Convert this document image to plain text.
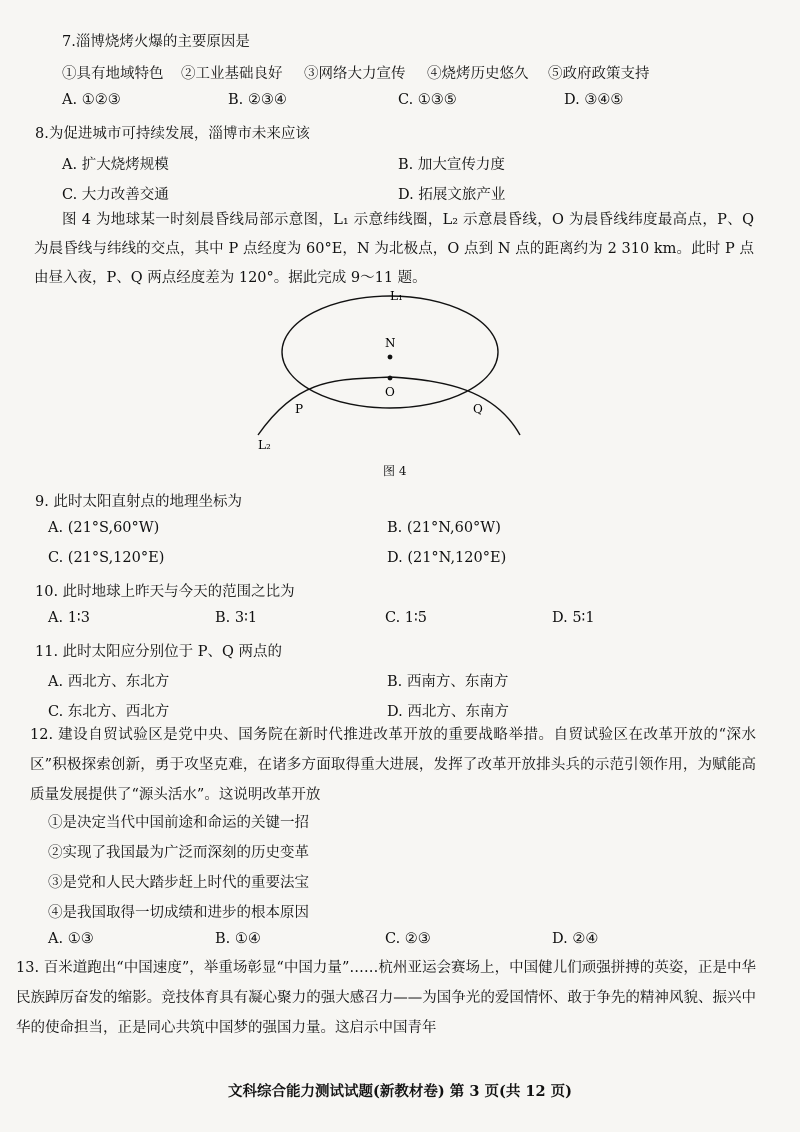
7.淄博烧烤火爆的主要原因是
①具有地域特色 ②工业基础良好 ③网络大力宣传 ④烧烤历史悠久 ⑤政府政策支持
A. ①②③	B. ②③④	C. ①③⑤	D. ③④⑤
8.为促进城市可持续发展，淄博市未来应该
A. 扩大烧烤规模	B. 加大宣传力度
C. 大力改善交通	D. 拓展文旅产业
图 4 为地球某一时刻晨昏线局部示意图，L₁ 示意纬线圈，L₂ 示意晨昏线，O 为晨昏线纬度最高点，P、Q 为晨昏线与纬线的交点，其中 P 点经度为 60°E，N 为北极点，O 点到 N 点的距离约为 2 310 km。此时 P 点由昼入夜，P、Q 两点经度差为 120°。据此完成 9～11 题。
L₁
N
O
P	Q
L₂
图 4
9. 此时太阳直射点的地理坐标为
A. (21°S,60°W)	B. (21°N,60°W)
C. (21°S,120°E)	D. (21°N,120°E)
10. 此时地球上昨天与今天的范围之比为
A. 1∶3	B. 3∶1	C. 1∶5	D. 5∶1
11. 此时太阳应分别位于 P、Q 两点的
A. 西北方、东北方	B. 西南方、东南方
C. 东北方、西北方	D. 西北方、东南方
12. 建设自贸试验区是党中央、国务院在新时代推进改革开放的重要战略举措。自贸试验区在改革开放的“深水区”积极探索创新，勇于攻坚克难，在诸多方面取得重大进展，发挥了改革开放排头兵的示范引领作用，为赋能高质量发展提供了“源头活水”。这说明改革开放
①是决定当代中国前途和命运的关键一招
②实现了我国最为广泛而深刻的历史变革
③是党和人民大踏步赶上时代的重要法宝
④是我国取得一切成绩和进步的根本原因
A. ①③	B. ①④	C. ②③	D. ②④
13. 百米道跑出“中国速度”，举重场彰显“中国力量”……杭州亚运会赛场上，中国健儿们顽强拼搏的英姿，正是中华民族踔厉奋发的缩影。竞技体育具有凝心聚力的强大感召力——为国争光的爱国情怀、敢于争先的精神风貌、振兴中华的使命担当，正是同心共筑中国梦的强国力量。这启示中国青年
文科综合能力测试试题(新教材卷) 第 3 页(共 12 页)
